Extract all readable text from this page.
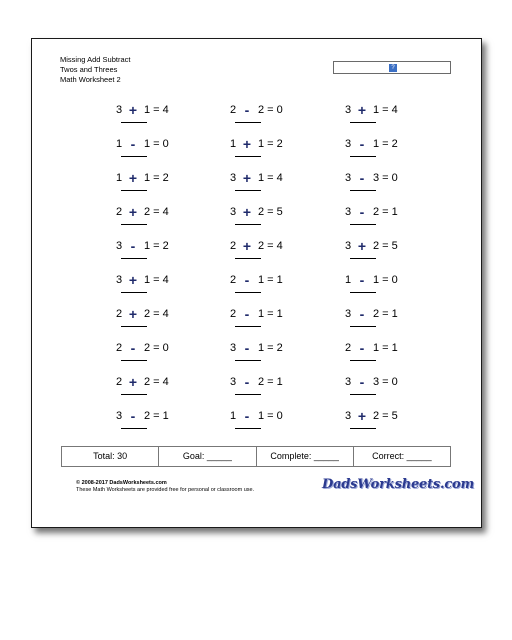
Missing Add Subtract
Twos and Threes
Math Worksheet 2
?
3 + 1 = 4	2 - 2 = 0	3 + 1 = 4
1 - 1 = 0	1 + 1 = 2	3 - 1 = 2
1 + 1 = 2	3 + 1 = 4	3 - 3 = 0
2 + 2 = 4	3 + 2 = 5	3 - 2 = 1
3 - 1 = 2	2 + 2 = 4	3 + 2 = 5
3 + 1 = 4	2 - 1 = 1	1 - 1 = 0
2 + 2 = 4	2 - 1 = 1	3 - 2 = 1
2 - 2 = 0	3 - 1 = 2	2 - 1 = 1
2 + 2 = 4	3 - 2 = 1	3 - 3 = 0
3 - 2 = 1	1 - 1 = 0	3 + 2 = 5
Total: 30	Goal: _____	Complete: _____	Correct: _____
© 2008-2017 DadsWorksheets.com
These Math Worksheets are provided free for personal or classroom use.	DadsWorksheets.com
